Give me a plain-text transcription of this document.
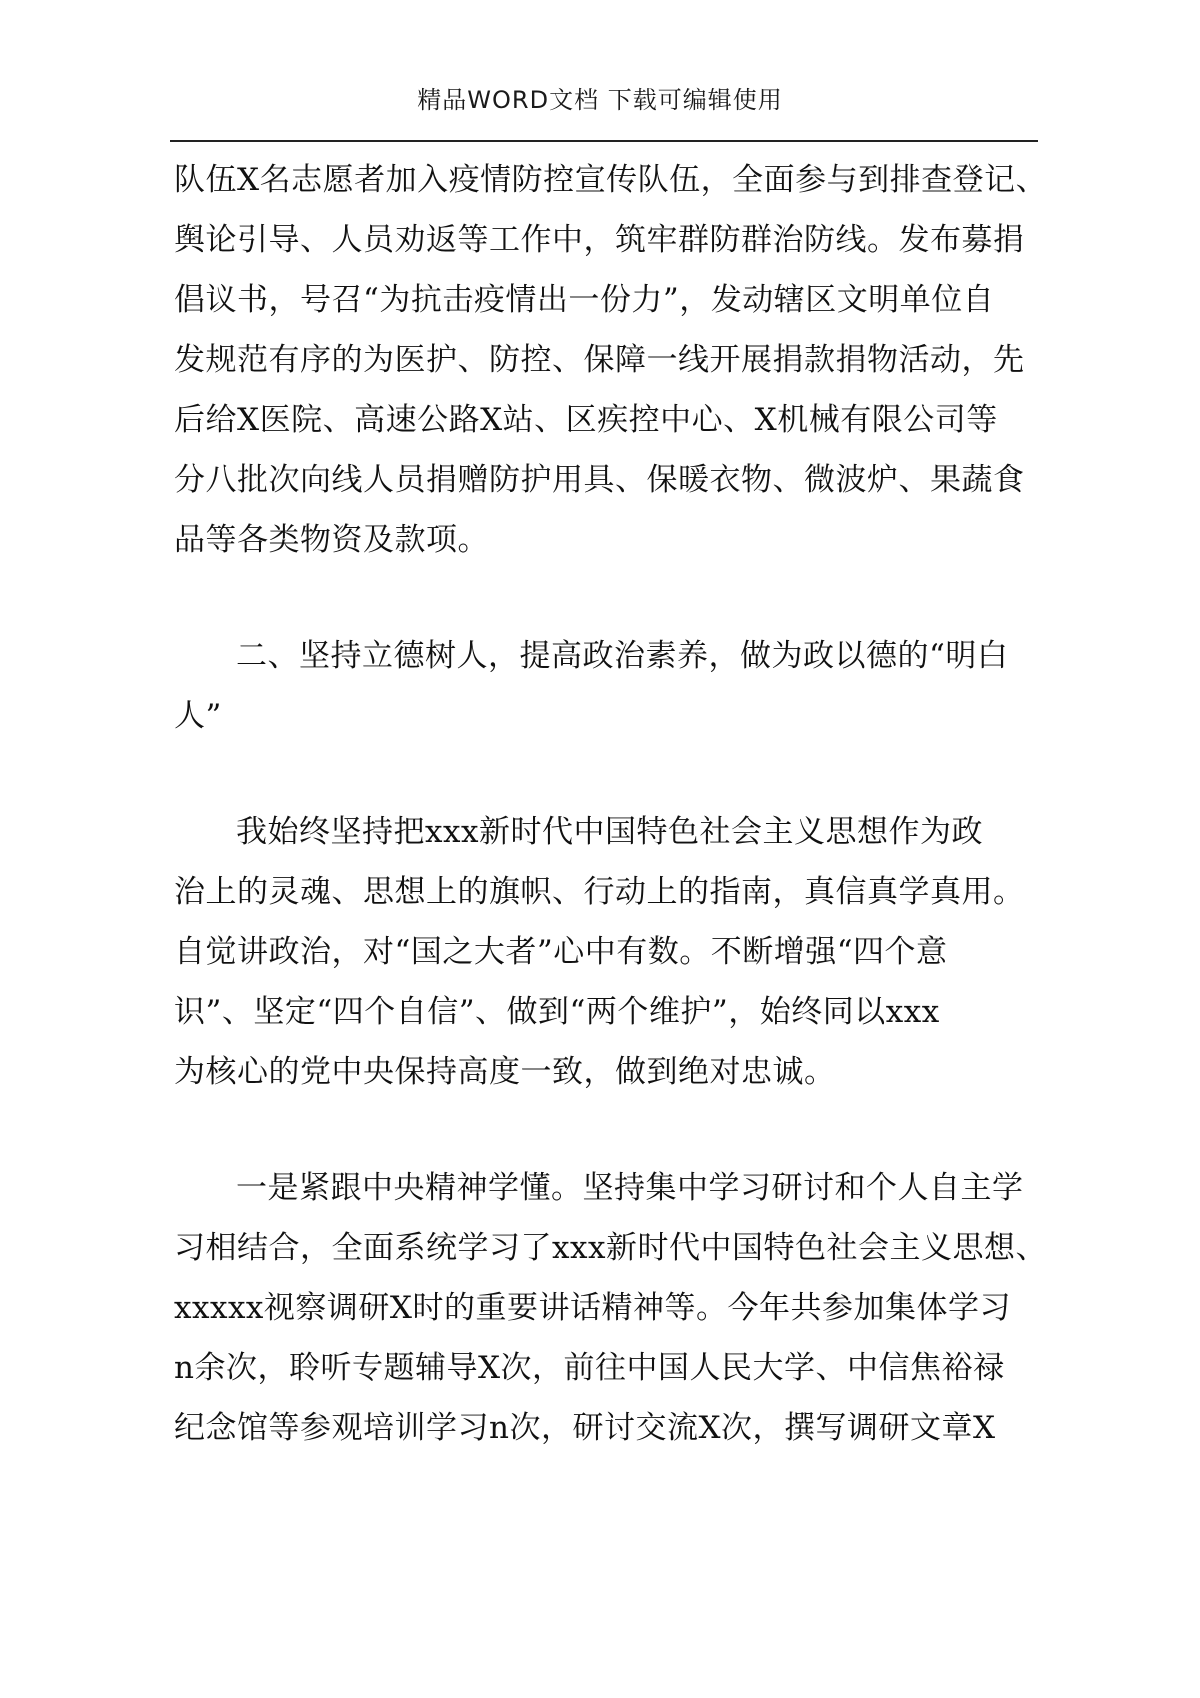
精品WORD文档 下载可编辑使用
队伍X名志愿者加入疫情防控宣传队伍，全面参与到排查登记、
舆论引导、人员劝返等工作中，筑牢群防群治防线。发布募捐
倡议书，号召“为抗击疫情出一份力”，发动辖区文明单位自
发规范有序的为医护、防控、保障一线开展捐款捐物活动，先
后给X医院、高速公路X站、区疾控中心、X机械有限公司等
分八批次向线人员捐赠防护用具、保暖衣物、微波炉、果蔬食
品等各类物资及款项。
二、坚持立德树人，提高政治素养，做为政以德的“明白
人”
我始终坚持把xxx新时代中国特色社会主义思想作为政
治上的灵魂、思想上的旗帜、行动上的指南，真信真学真用。
自觉讲政治，对“国之大者”心中有数。不断增强“四个意
识”、坚定“四个自信”、做到“两个维护”，始终同以xxx
为核心的党中央保持高度一致，做到绝对忠诚。
一是紧跟中央精神学懂。坚持集中学习研讨和个人自主学
习相结合，全面系统学习了xxx新时代中国特色社会主义思想、
xxxxx视察调研X时的重要讲话精神等。今年共参加集体学习
n余次，聆听专题辅导X次，前往中国人民大学、中信焦裕禄
纪念馆等参观培训学习n次，研讨交流X次，撰写调研文章X
